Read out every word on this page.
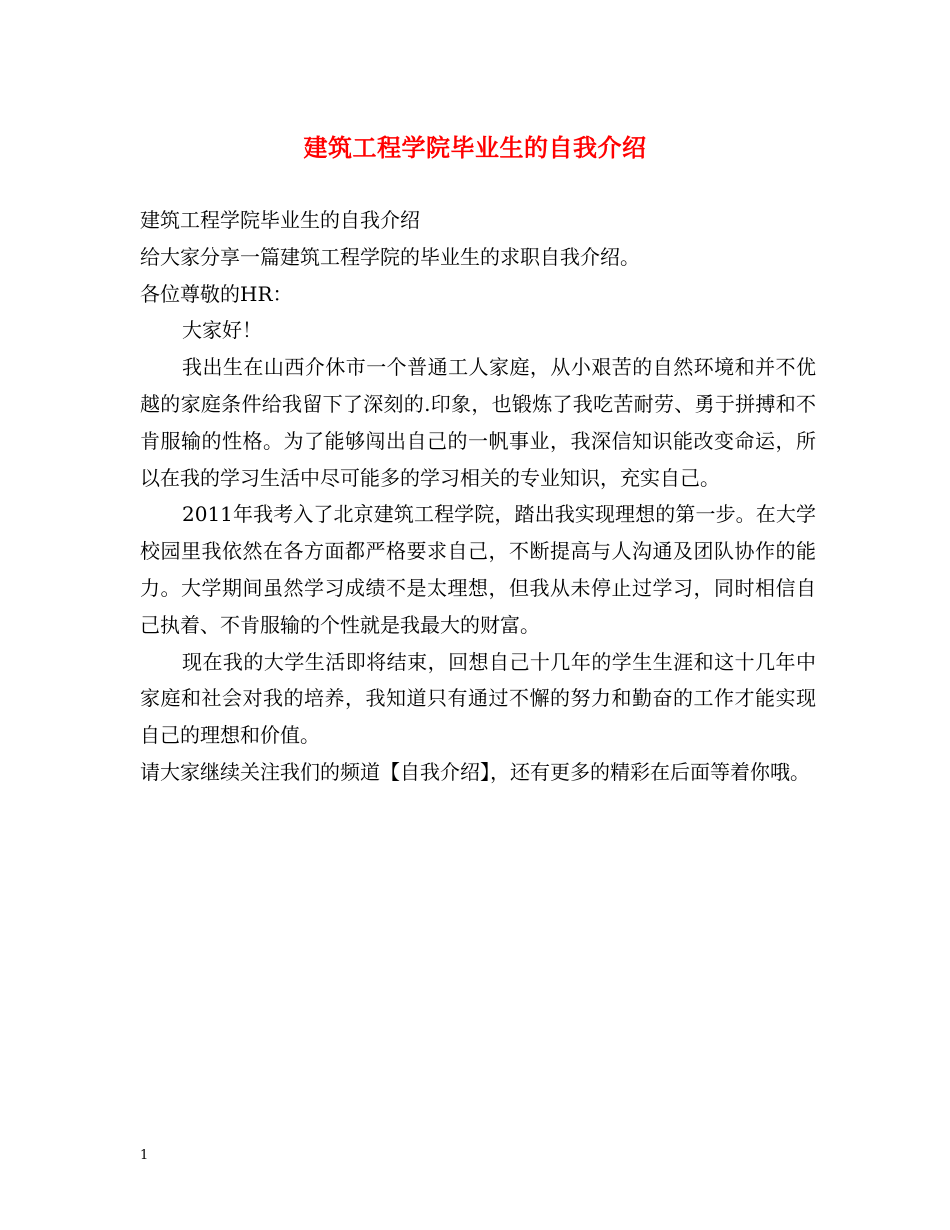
建筑工程学院毕业生的自我介绍

建筑工程学院毕业生的自我介绍

给大家分享一篇建筑工程学院的毕业生的求职自我介绍。

各位尊敬的HR：

大家好！

我出生在山西介休市一个普通工人家庭，从小艰苦的自然环境和并不优越的家庭条件给我留下了深刻的.印象，也锻炼了我吃苦耐劳、勇于拼搏和不肯服输的性格。为了能够闯出自己的一帆事业，我深信知识能改变命运，所以在我的学习生活中尽可能多的学习相关的专业知识，充实自己。

2011年我考入了北京建筑工程学院，踏出我实现理想的第一步。在大学校园里我依然在各方面都严格要求自己，不断提高与人沟通及团队协作的能力。大学期间虽然学习成绩不是太理想，但我从未停止过学习，同时相信自己执着、不肯服输的个性就是我最大的财富。

现在我的大学生活即将结束，回想自己十几年的学生生涯和这十几年中家庭和社会对我的培养，我知道只有通过不懈的努力和勤奋的工作才能实现自己的理想和价值。

请大家继续关注我们的频道【自我介绍】，还有更多的精彩在后面等着你哦。

1
